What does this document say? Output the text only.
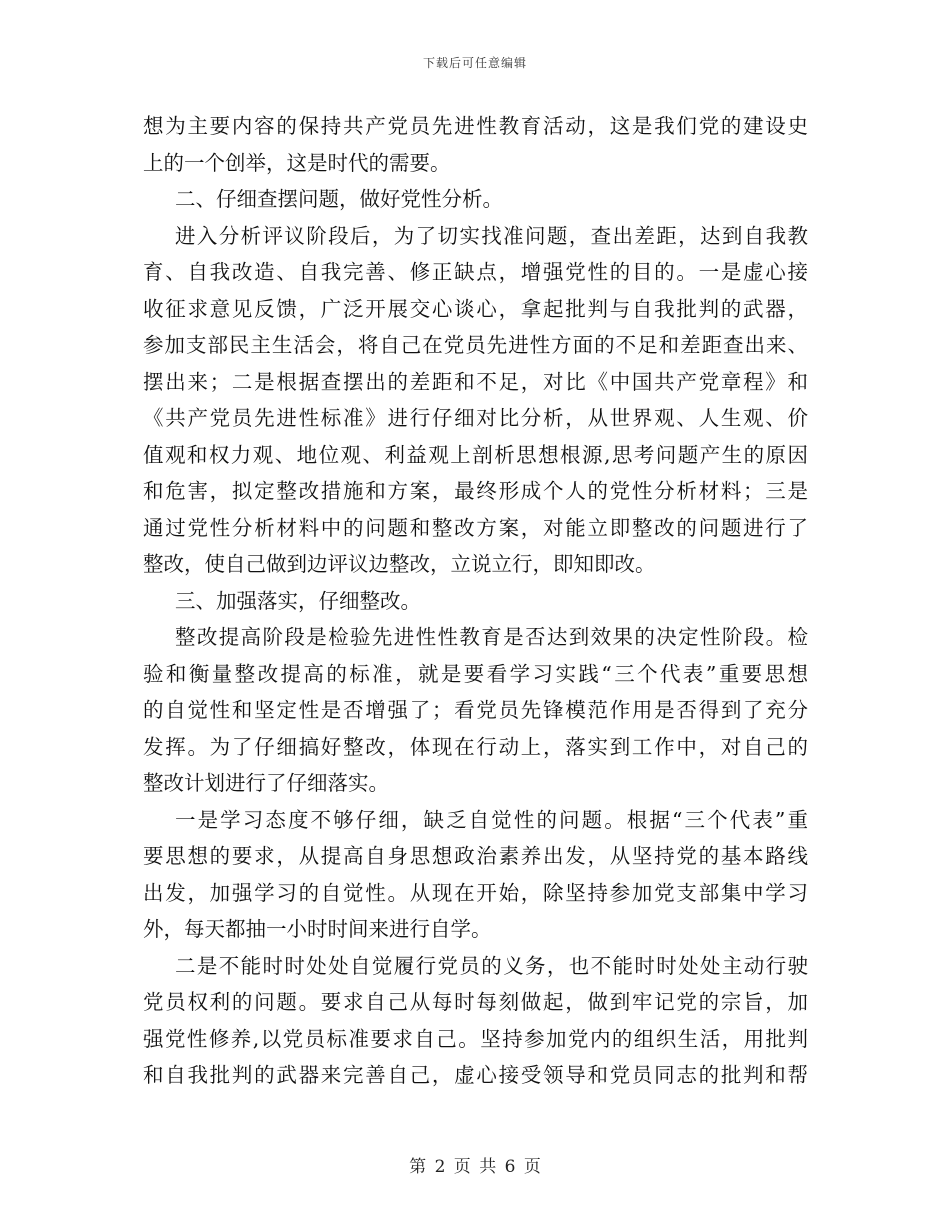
下载后可任意编辑
想为主要内容的保持共产党员先进性教育活动，这是我们党的建设史
上的一个创举，这是时代的需要。
二、仔细查摆问题，做好党性分析。
进入分析评议阶段后，为了切实找准问题，查出差距，达到自我教
育、自我改造、自我完善、修正缺点，增强党性的目的。一是虚心接
收征求意见反馈，广泛开展交心谈心，拿起批判与自我批判的武器，
参加支部民主生活会，将自己在党员先进性方面的不足和差距查出来、
摆出来；二是根据查摆出的差距和不足，对比《中国共产党章程》和
《共产党员先进性标准》进行仔细对比分析，从世界观、人生观、价
值观和权力观、地位观、利益观上剖析思想根源,思考问题产生的原因
和危害，拟定整改措施和方案，最终形成个人的党性分析材料；三是
通过党性分析材料中的问题和整改方案，对能立即整改的问题进行了
整改，使自己做到边评议边整改，立说立行，即知即改。
三、加强落实，仔细整改。
整改提高阶段是检验先进性性教育是否达到效果的决定性阶段。检
验和衡量整改提高的标准，就是要看学习实践“三个代表”重要思想
的自觉性和坚定性是否增强了；看党员先锋模范作用是否得到了充分
发挥。为了仔细搞好整改，体现在行动上，落实到工作中，对自己的
整改计划进行了仔细落实。
一是学习态度不够仔细，缺乏自觉性的问题。根据“三个代表”重
要思想的要求，从提高自身思想政治素养出发，从坚持党的基本路线
出发，加强学习的自觉性。从现在开始，除坚持参加党支部集中学习
外，每天都抽一小时时间来进行自学。
二是不能时时处处自觉履行党员的义务，也不能时时处处主动行驶
党员权利的问题。要求自己从每时每刻做起，做到牢记党的宗旨，加
强党性修养,以党员标准要求自己。坚持参加党内的组织生活，用批判
和自我批判的武器来完善自己，虚心接受领导和党员同志的批判和帮
第 2 页 共 6 页
